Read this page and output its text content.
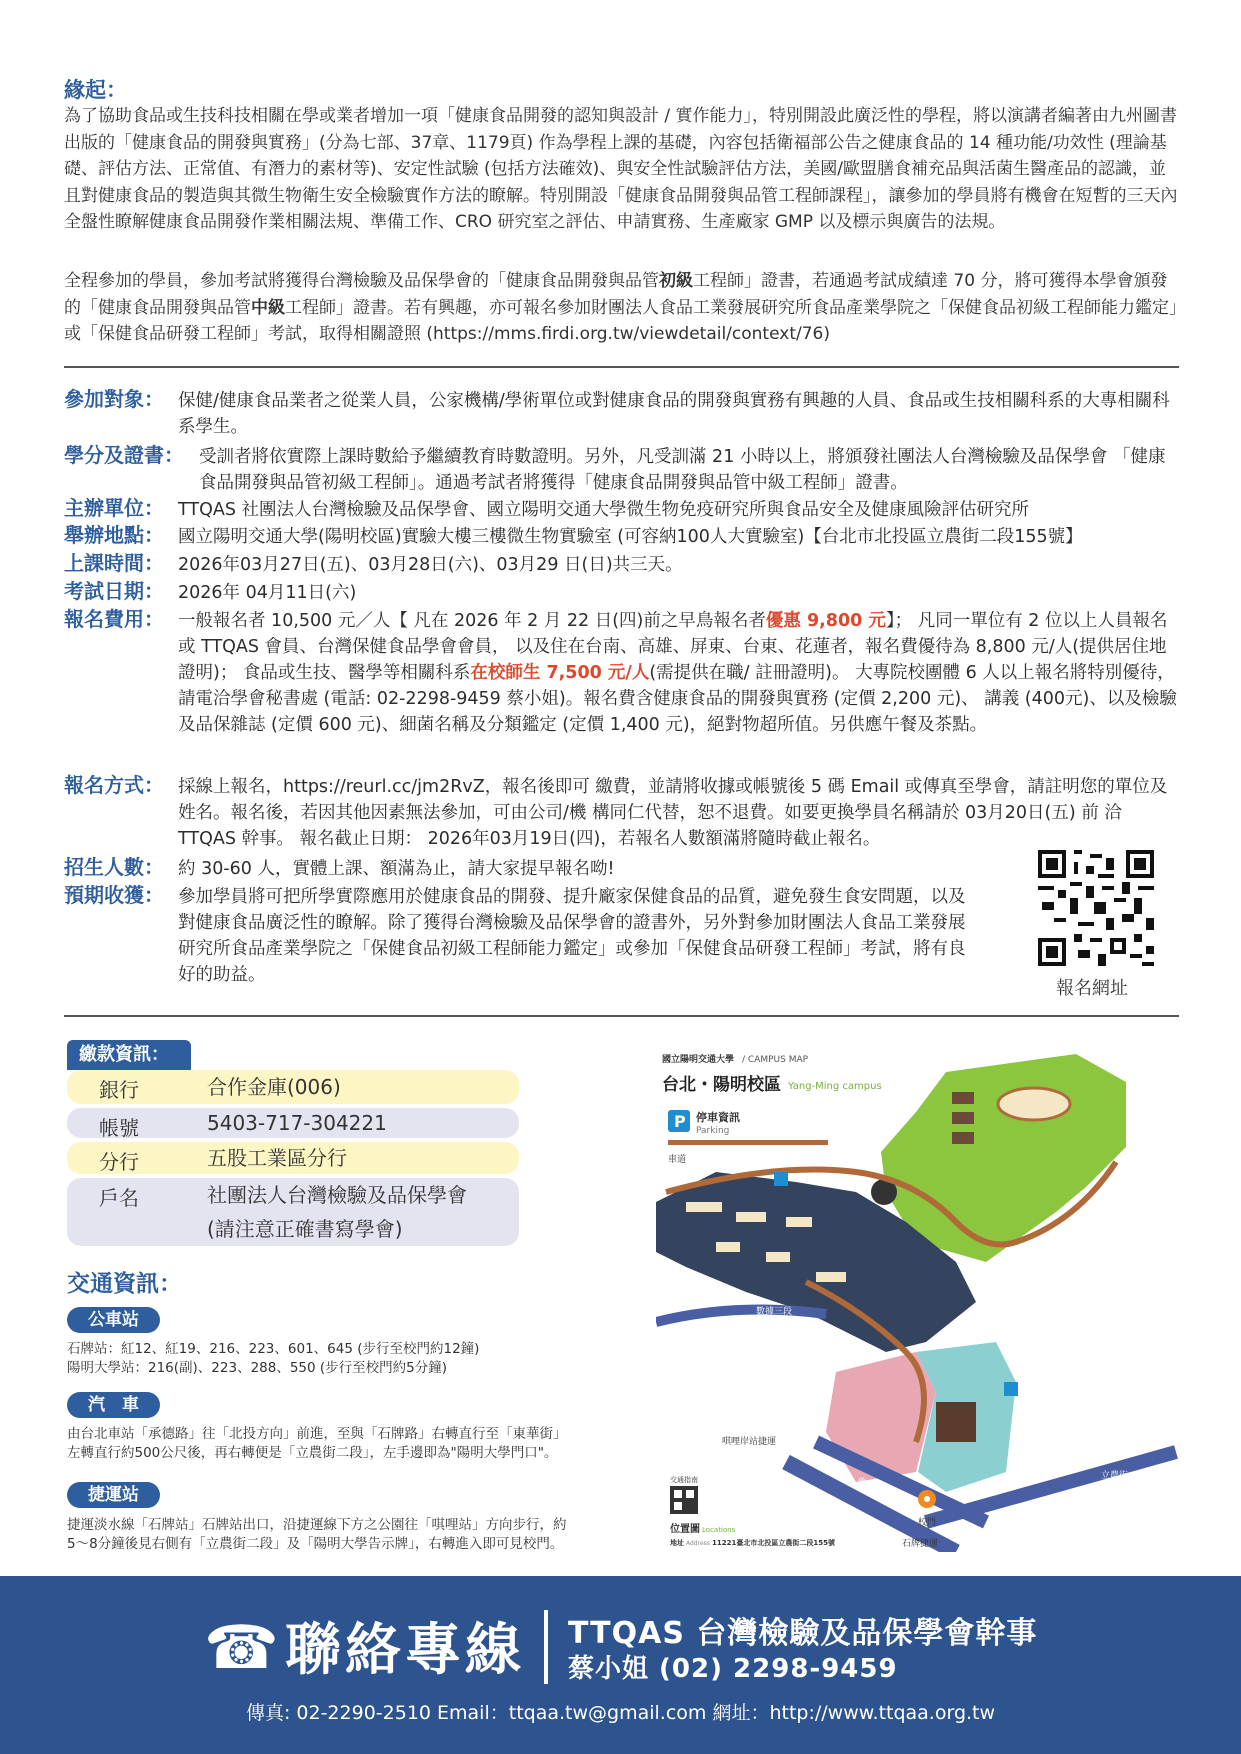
緣起：
為了協助食品或生技科技相關在學或業者增加一項「健康食品開發的認知與設計 / 實作能力」，特別開設此廣泛性的學程，將以演講者編著由九州圖書出版的「健康食品的開發與實務」(分為七部、37章、1179頁) 作為學程上課的基礎，內容包括衛福部公告之健康食品的 14 種功能/功效性 (理論基礎、評估方法、正常值、有潛力的素材等)、安定性試驗 (包括方法確效)、與安全性試驗評估方法，美國/歐盟膳食補充品與活菌生醫產品的認識，並且對健康食品的製造與其微生物衛生安全檢驗實作方法的瞭解。特別開設「健康食品開發與品管工程師課程」，讓參加的學員將有機會在短暫的三天內全盤性瞭解健康食品開發作業相關法規、準備工作、CRO 研究室之評估、申請實務、生產廠家 GMP 以及標示與廣告的法規。
全程參加的學員，參加考試將獲得台灣檢驗及品保學會的「健康食品開發與品管初級工程師」證書，若通過考試成績達 70 分，將可獲得本學會頒發的「健康食品開發與品管中級工程師」證書。若有興趣，亦可報名參加財團法人食品工業發展研究所食品產業學院之「保健食品初級工程師能力鑑定」或「保健食品研發工程師」考試，取得相關證照 (https://mms.firdi.org.tw/viewdetail/context/76)
參加對象： 保健/健康食品業者之從業人員，公家機構/學術單位或對健康食品的開發與實務有興趣的人員、食品或生技相關科系的大專相關科系學生。
學分及證書： 受訓者將依實際上課時數給予繼續教育時數證明。另外，凡受訓滿 21 小時以上，將頒發社團法人台灣檢驗及品保學會 「健康食品開發與品管初級工程師」。通過考試者將獲得「健康食品開發與品管中級工程師」證書。
主辦單位： TTQAS 社團法人台灣檢驗及品保學會、國立陽明交通大學微生物免疫研究所與食品安全及健康風險評估研究所
舉辦地點： 國立陽明交通大學(陽明校區)實驗大樓三樓微生物實驗室 (可容納100人大實驗室)【台北市北投區立農街二段155號】
上課時間： 2026年03月27日(五)、03月28日(六)、03月29 日(日)共三天。
考試日期： 2026年 04月11日(六)
報名費用： 一般報名者 10,500 元／人【 凡在 2026 年 2 月 22 日(四)前之早鳥報名者優惠 9,800 元】； 凡同一單位有 2 位以上人員報名或 TTQAS 會員、台灣保健食品學會會員， 以及住在台南、高雄、屏東、台東、花蓮者，報名費優待為 8,800 元/人(提供居住地證明)； 食品或生技、醫學等相關科系在校師生 7,500 元/人(需提供在職/ 註冊證明)。 大專院校團體 6 人以上報名將特別優待， 請電洽學會秘書處 (電話: 02-2298-9459 蔡小姐)。報名費含健康食品的開發與實務 (定價 2,200 元)、 講義 (400元)、以及檢驗及品保雜誌 (定價 600 元)、細菌名稱及分類鑑定 (定價 1,400 元)，絕對物超所值。另供應午餐及茶點。
報名方式： 採線上報名，https://reurl.cc/jm2RvZ，報名後即可 繳費，並請將收據或帳號後 5 碼 Email 或傳真至學會，請註明您的單位及姓名。報名後，若因其他因素無法參加，可由公司/機 構同仁代替，恕不退費。如要更換學員名稱請於 03月20日(五) 前 洽 TTQAS 幹事。 報名截止日期： 2026年03月19日(四)，若報名人數額滿將隨時截止報名。
招生人數： 約 30-60 人，實體上課、額滿為止，請大家提早報名呦!
預期收獲： 參加學員將可把所學實際應用於健康食品的開發、提升廠家保健食品的品質，避免發生食安問題，以及對健康食品廣泛性的瞭解。除了獲得台灣檢驗及品保學會的證書外，另外對參加財團法人食品工業發展研究所食品產業學院之「保健食品初級工程師能力鑑定」或參加「保健食品研發工程師」考試，將有良好的助益。
報名網址
繳款資訊：
銀行	合作金庫(006)
帳號	5403-717-304221
分行	五股工業區分行
戶名	社團法人台灣檢驗及品保學會
(請注意正確書寫學會)
交通資訊：
公車站
石牌站：紅12、紅19、216、223、601、645 (步行至校門約12鐘)
陽明大學站：216(副)、223、288、550 (步行至校門約5分鐘)
汽　車
由台北車站「承德路」往「北投方向」前進，至與「石牌路」右轉直行至「東華街」
左轉直行約500公尺後，再右轉便是「立農街二段」，左手邊即為"陽明大學門口"。
捷運站
捷運淡水線「石牌站」石牌站出口，沿捷運線下方之公園往「唭哩站」方向步行，約
5～8分鐘後見右側有「立農街二段」及「陽明大學告示牌」，右轉進入即可見校門。
國立陽明交通大學 / CAMPUS MAP
台北・陽明校區 Yang-Ming campus
P 停車資訊
Parking
車道
數據三段
立農街二段
東華街二段
校門
唭哩岸站捷運
石牌捷運
交通指南
位置圖 Locations
地址 Address 11221臺北市北投區立農街二段155號
☎ 聯絡專線 TTQAS 台灣檢驗及品保學會幹事
蔡小姐 (02) 2298-9459
傳真: 02-2290-2510 Email：ttqaa.tw@gmail.com 網址：http://www.ttqaa.org.tw
